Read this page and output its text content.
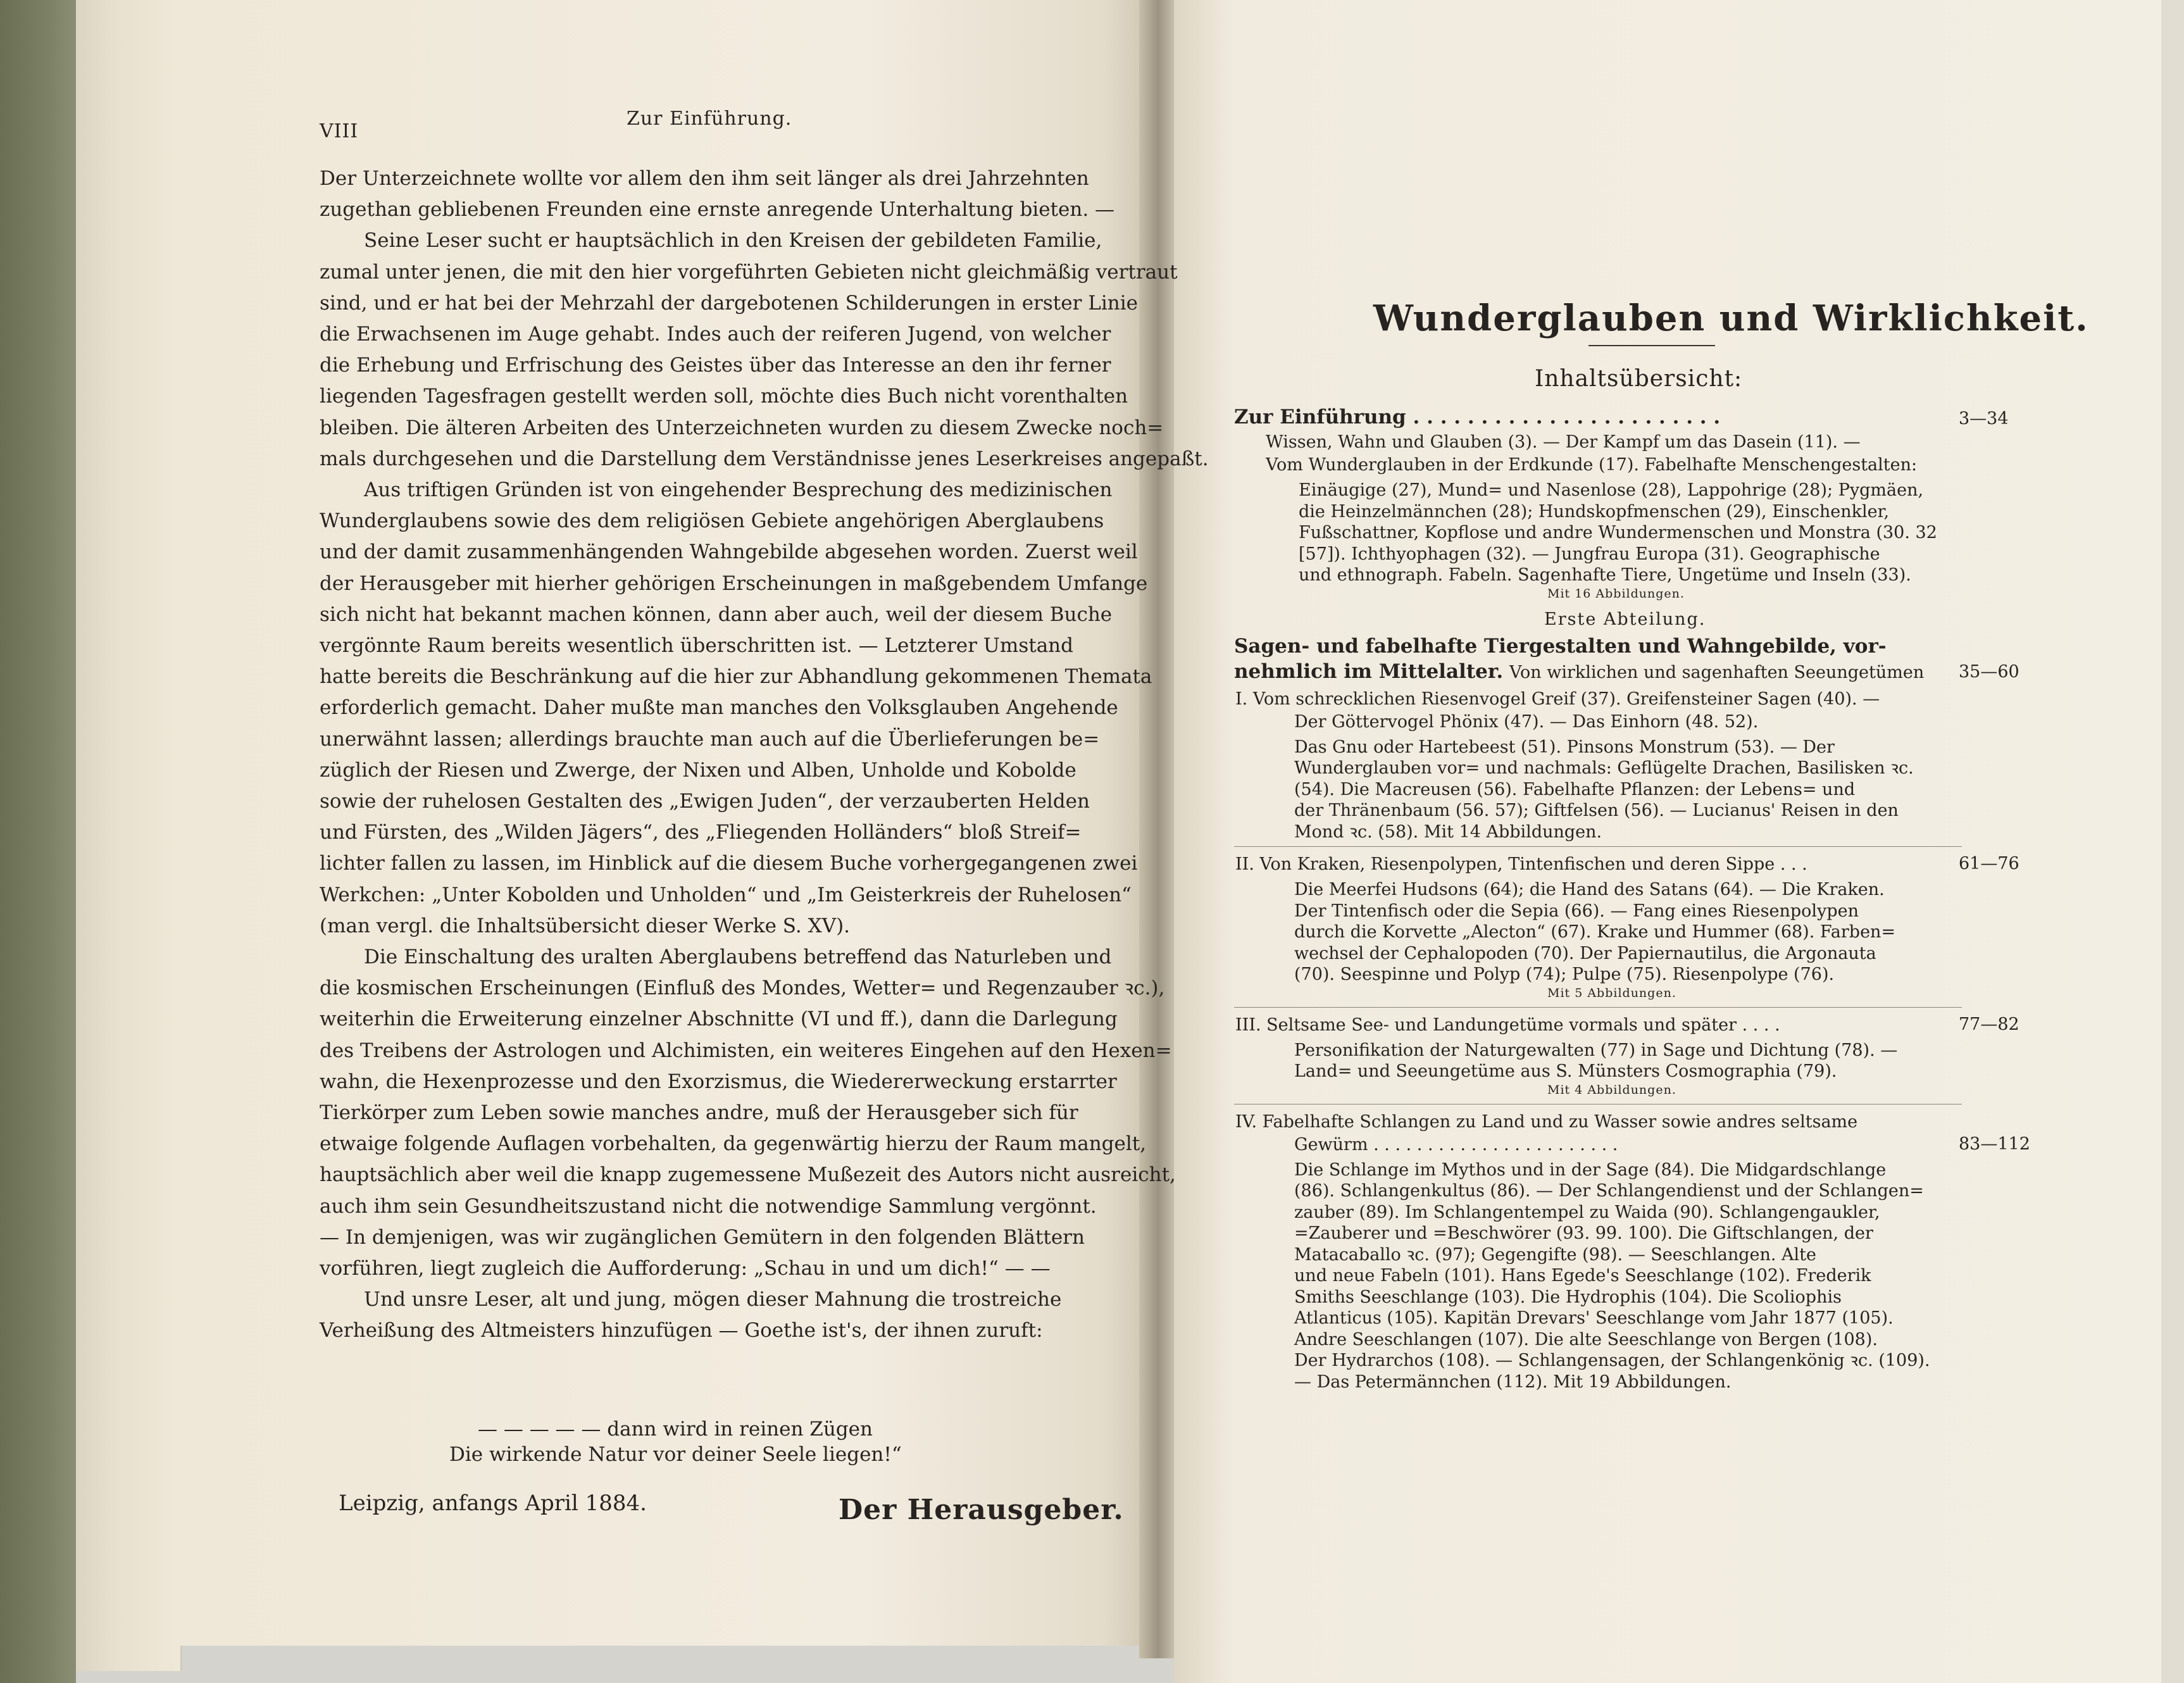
VIII
Zur Einführung.
Der Unterzeichnete wollte vor allem den ihm seit länger als drei Jahrzehnten
zugethan gebliebenen Freunden eine ernste anregende Unterhaltung bieten. —
Seine Leser sucht er hauptsächlich in den Kreisen der gebildeten Familie,
zumal unter jenen, die mit den hier vorgeführten Gebieten nicht gleichmäßig vertraut
sind, und er hat bei der Mehrzahl der dargebotenen Schilderungen in erster Linie
die Erwachsenen im Auge gehabt. Indes auch der reiferen Jugend, von welcher
die Erhebung und Erfrischung des Geistes über das Interesse an den ihr ferner
liegenden Tagesfragen gestellt werden soll, möchte dies Buch nicht vorenthalten
bleiben. Die älteren Arbeiten des Unterzeichneten wurden zu diesem Zwecke noch=
mals durchgesehen und die Darstellung dem Verständnisse jenes Leserkreises angepaßt.
Aus triftigen Gründen ist von eingehender Besprechung des medizinischen
Wunderglaubens sowie des dem religiösen Gebiete angehörigen Aberglaubens
und der damit zusammenhängenden Wahngebilde abgesehen worden. Zuerst weil
der Herausgeber mit hierher gehörigen Erscheinungen in maßgebendem Umfange
sich nicht hat bekannt machen können, dann aber auch, weil der diesem Buche
vergönnte Raum bereits wesentlich überschritten ist. — Letzterer Umstand
hatte bereits die Beschränkung auf die hier zur Abhandlung gekommenen Themata
erforderlich gemacht. Daher mußte man manches den Volksglauben Angehende
unerwähnt lassen; allerdings brauchte man auch auf die Überlieferungen be=
züglich der Riesen und Zwerge, der Nixen und Alben, Unholde und Kobolde
sowie der ruhelosen Gestalten des „Ewigen Juden“, der verzauberten Helden
und Fürsten, des „Wilden Jägers“, des „Fliegenden Holländers“ bloß Streif=
lichter fallen zu lassen, im Hinblick auf die diesem Buche vorhergegangenen zwei
Werkchen: „Unter Kobolden und Unholden“ und „Im Geisterkreis der Ruhelosen“
(man vergl. die Inhaltsübersicht dieser Werke S. XV).
Die Einschaltung des uralten Aberglaubens betreffend das Naturleben und
die kosmischen Erscheinungen (Einfluß des Mondes, Wetter= und Regenzauber ꝛc.),
weiterhin die Erweiterung einzelner Abschnitte (VI und ff.), dann die Darlegung
des Treibens der Astrologen und Alchimisten, ein weiteres Eingehen auf den Hexen=
wahn, die Hexenprozesse und den Exorzismus, die Wiedererweckung erstarrter
Tierkörper zum Leben sowie manches andre, muß der Herausgeber sich für
etwaige folgende Auflagen vorbehalten, da gegenwärtig hierzu der Raum mangelt,
hauptsächlich aber weil die knapp zugemessene Mußezeit des Autors nicht ausreicht,
auch ihm sein Gesundheitszustand nicht die notwendige Sammlung vergönnt.
— In demjenigen, was wir zugänglichen Gemütern in den folgenden Blättern
vorführen, liegt zugleich die Aufforderung: „Schau in und um dich!“ — —
Und unsre Leser, alt und jung, mögen dieser Mahnung die trostreiche
Verheißung des Altmeisters hinzufügen — Goethe ist's, der ihnen zuruft:
— — — — — dann wird in reinen Zügen
Die wirkende Natur vor deiner Seele liegen!“
Leipzig, anfangs April 1884.	Der Herausgeber.
Wunderglauben und Wirklichkeit.
Inhaltsübersicht:
Zur Einführung . . . . . . . . . . . . . . . . . . . . . . .	3—34
Wissen, Wahn und Glauben (3). — Der Kampf um das Dasein (11). —
Vom Wunderglauben in der Erdkunde (17). Fabelhafte Menschengestalten:
Einäugige (27), Mund= und Nasenlose (28), Lappohrige (28); Pygmäen,
die Heinzelmännchen (28); Hundskopfmenschen (29), Einschenkler,
Fußschattner, Kopflose und andre Wundermenschen und Monstra (30. 32
[57]). Ichthyophagen (32). — Jungfrau Europa (31). Geographische
und ethnograph. Fabeln. Sagenhafte Tiere, Ungetüme und Inseln (33).
Mit 16 Abbildungen.
Erste Abteilung.
Sagen- und fabelhafte Tiergestalten und Wahngebilde, vor-
nehmlich im Mittelalter. Von wirklichen und sagenhaften Seeungetümen 35—60
I. Vom schrecklichen Riesenvogel Greif (37). Greifensteiner Sagen (40). —
Der Göttervogel Phönix (47). — Das Einhorn (48. 52).
Das Gnu oder Hartebeest (51). Pinsons Monstrum (53). — Der
Wunderglauben vor= und nachmals: Geflügelte Drachen, Basilisken ꝛc.
(54). Die Macreusen (56). Fabelhafte Pflanzen: der Lebens= und
der Thränenbaum (56. 57); Giftfelsen (56). — Lucianus' Reisen in den
Mond ꝛc. (58). Mit 14 Abbildungen.
II. Von Kraken, Riesenpolypen, Tintenfischen und deren Sippe . . .	61—76
Die Meerfei Hudsons (64); die Hand des Satans (64). — Die Kraken.
Der Tintenfisch oder die Sepia (66). — Fang eines Riesenpolypen
durch die Korvette „Alecton“ (67). Krake und Hummer (68). Farben=
wechsel der Cephalopoden (70). Der Papiernautilus, die Argonauta
(70). Seespinne und Polyp (74); Pulpe (75). Riesenpolype (76).
Mit 5 Abbildungen.
III. Seltsame See- und Landungetüme vormals und später . . . .	77—82
Personifikation der Naturgewalten (77) in Sage und Dichtung (78). —
Land= und Seeungetüme aus S. Münsters Cosmographia (79).
Mit 4 Abbildungen.
IV. Fabelhafte Schlangen zu Land und zu Wasser sowie andres seltsame
Gewürm . . . . . . . . . . . . . . . . . . . . . . .	83—112
Die Schlange im Mythos und in der Sage (84). Die Midgardschlange
(86). Schlangenkultus (86). — Der Schlangendienst und der Schlangen=
zauber (89). Im Schlangentempel zu Waida (90). Schlangengaukler,
=Zauberer und =Beschwörer (93. 99. 100). Die Giftschlangen, der
Matacaballo ꝛc. (97); Gegengifte (98). — Seeschlangen. Alte
und neue Fabeln (101). Hans Egede's Seeschlange (102). Frederik
Smiths Seeschlange (103). Die Hydrophis (104). Die Scoliophis
Atlanticus (105). Kapitän Drevars' Seeschlange vom Jahr 1877 (105).
Andre Seeschlangen (107). Die alte Seeschlange von Bergen (108).
Der Hydrarchos (108). — Schlangensagen, der Schlangenkönig ꝛc. (109).
— Das Petermännchen (112). Mit 19 Abbildungen.
